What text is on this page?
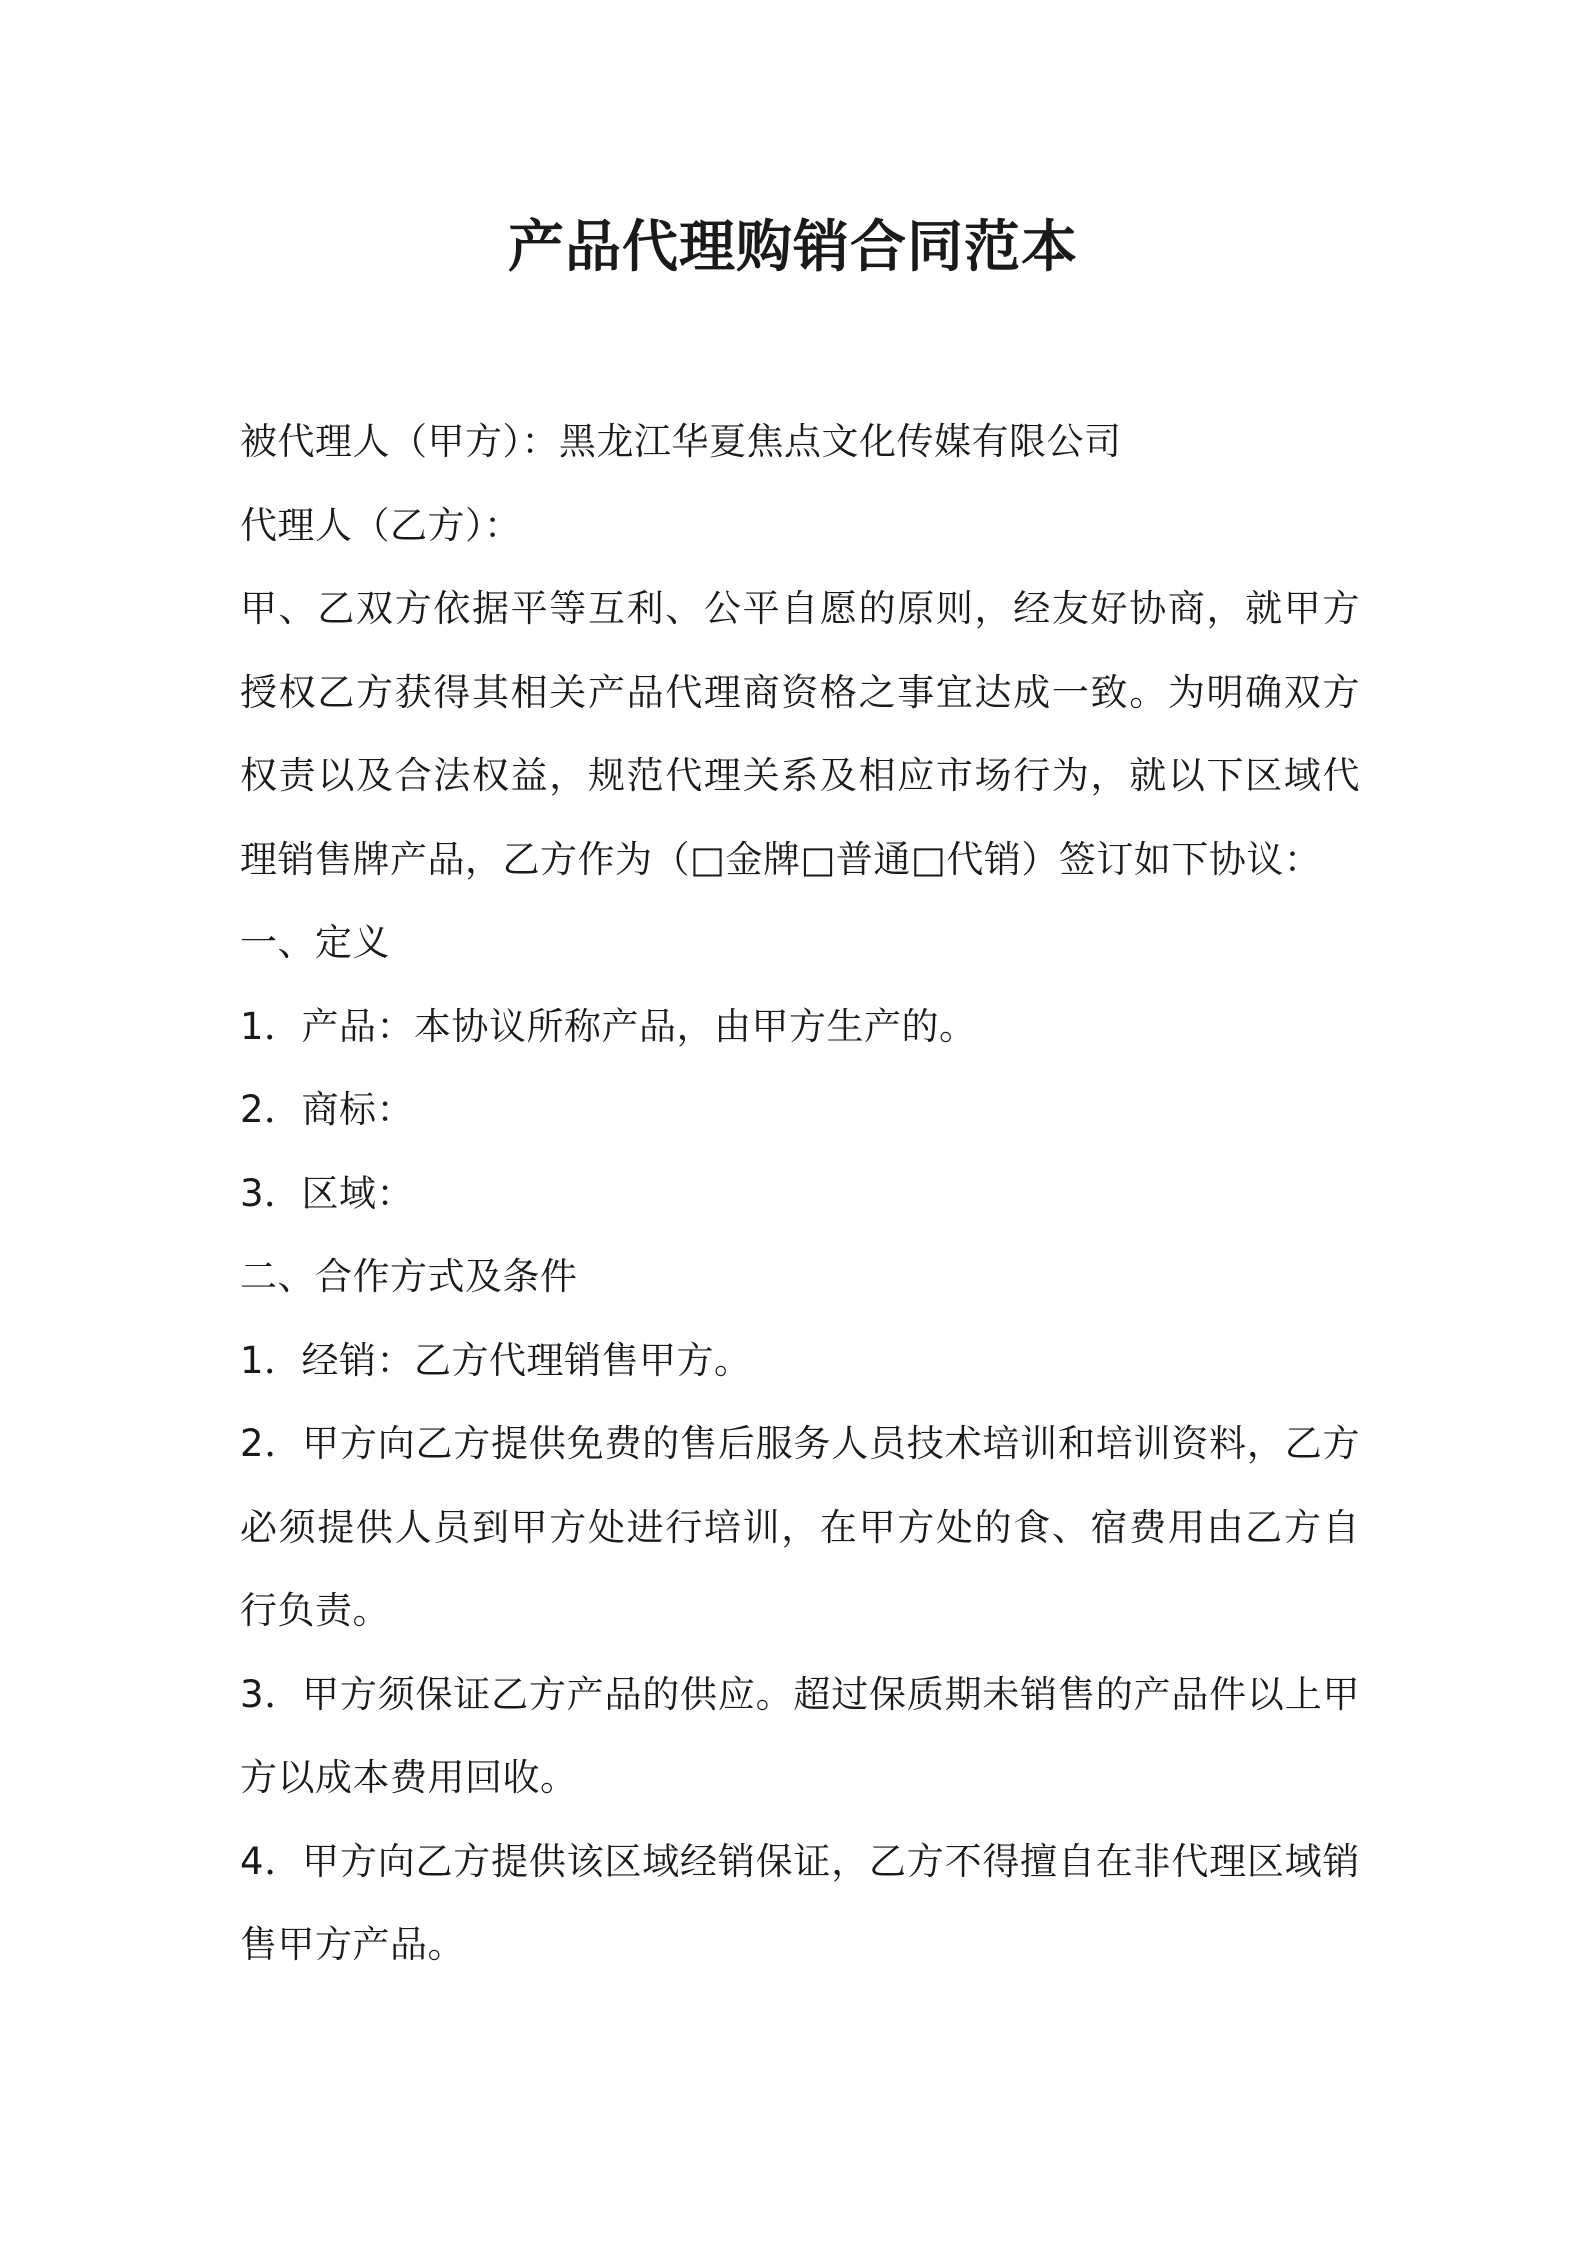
产品代理购销合同范本

被代理人（甲方）：黑龙江华夏焦点文化传媒有限公司

代理人（乙方）：

甲、乙双方依据平等互利、公平自愿的原则，经友好协商，就甲方授权乙方获得其相关产品代理商资格之事宜达成一致。为明确双方权责以及合法权益，规范代理关系及相应市场行为，就以下区域代理销售牌产品，乙方作为（□金牌□普通□代销）签订如下协议：

一、定义

1．产品：本协议所称产品，由甲方生产的。

2．商标：

3．区域：

二、合作方式及条件

1．经销：乙方代理销售甲方。

2．甲方向乙方提供免费的售后服务人员技术培训和培训资料，乙方必须提供人员到甲方处进行培训，在甲方处的食、宿费用由乙方自行负责。

3．甲方须保证乙方产品的供应。超过保质期未销售的产品件以上甲方以成本费用回收。

4．甲方向乙方提供该区域经销保证，乙方不得擅自在非代理区域销售甲方产品。
